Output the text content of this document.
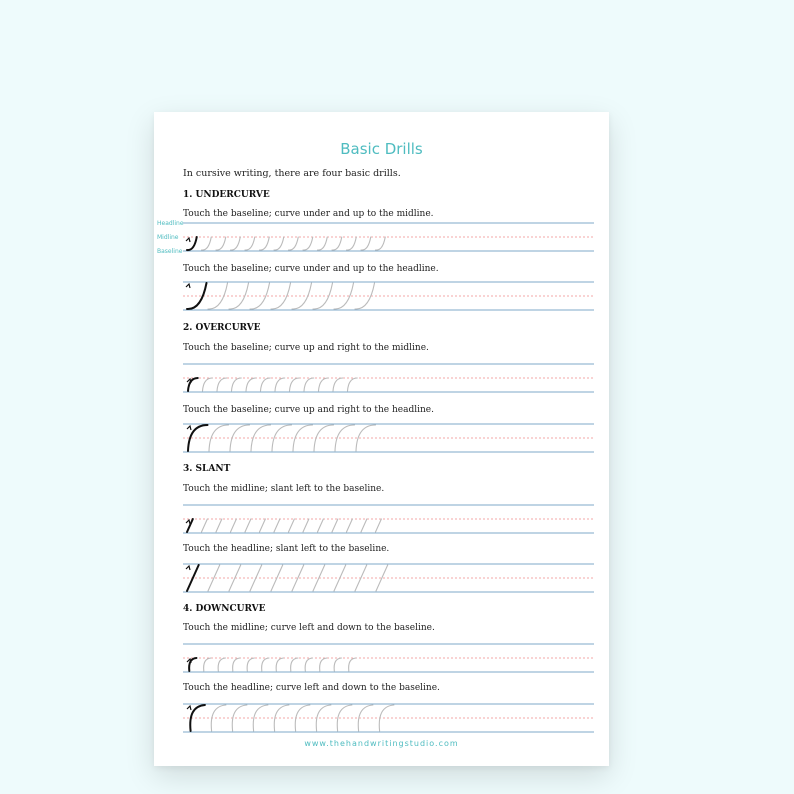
Basic Drills
In cursive writing, there are four basic drills.
Headline
Midline
Baseline
1. UNDERCURVE
Touch the baseline; curve under and up to the midline.
Touch the baseline; curve under and up to the headline.
2. OVERCURVE
Touch the baseline; curve up and right to the midline.
Touch the baseline; curve up and right to the headline.
3. SLANT
Touch the midline; slant left to the baseline.
Touch the headline; slant left to the baseline.
4. DOWNCURVE
Touch the midline; curve left and down to the baseline.
Touch the headline; curve left and down to the baseline.
www.thehandwritingstudio.com
